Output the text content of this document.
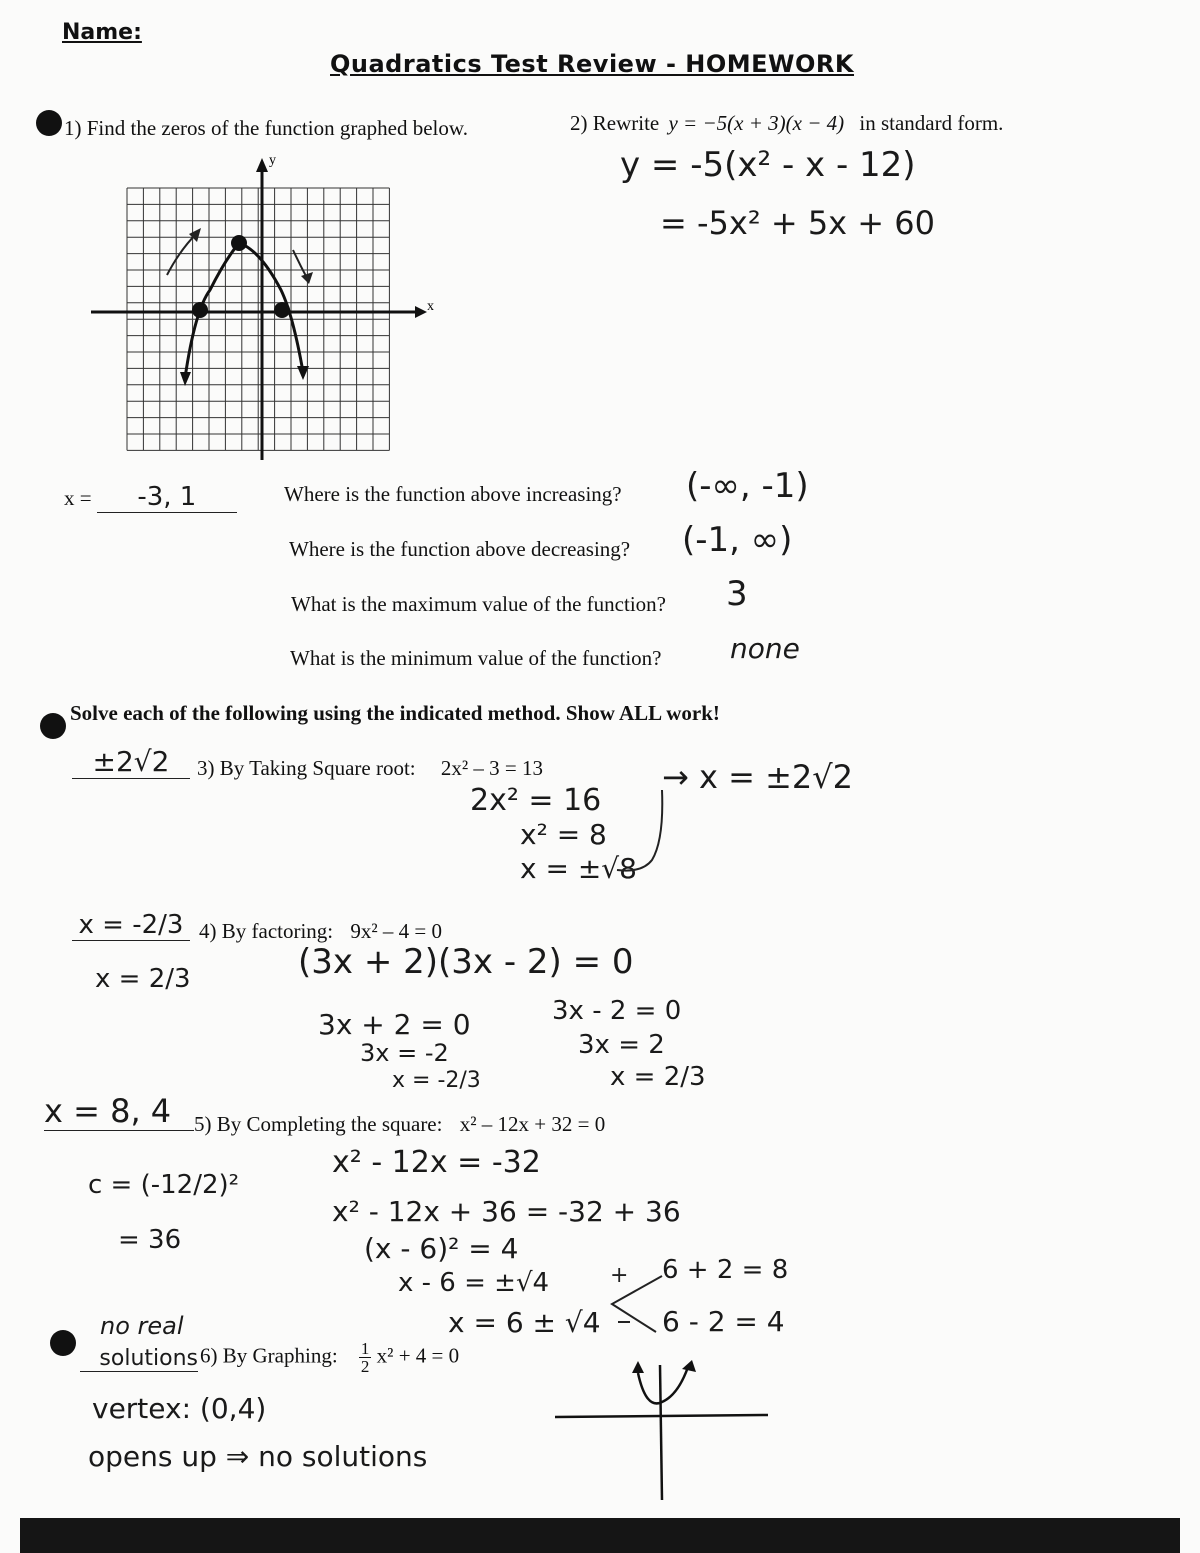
Name:
Quadratics Test Review - HOMEWORK
1) Find the zeros of the function graphed below.
x
y
x = -3, 1	Where is the function above increasing? (-∞, -1)
Where is the function above decreasing? (-1, ∞)
What is the maximum value of the function? 3
What is the minimum value of the function? none
2) Rewrite y = −5(x + 3)(x − 4) in standard form.
y = -5(x² - x - 12)
= -5x² + 5x + 60
Solve each of the following using the indicated method. Show ALL work!
±2√2	3) By Taking Square root: 2x² – 3 = 13
2x² = 16
x² = 8
x = ±√8
→ x = ±2√2
x = -2/3
x = 2/3
4) By factoring: 9x² – 4 = 0
(3x + 2)(3x - 2) = 0
3x + 2 = 0
3x = -2
x = -2/3
3x - 2 = 0
3x = 2
x = 2/3
x = 8, 4	5) By Completing the square: x² – 12x + 32 = 0
c = (-12/2)²
= 36
x² - 12x = -32
x² - 12x + 36 = -32 + 36
(x - 6)² = 4
x - 6 = ±√4
x = 6 ± √4
+ 6 + 2 = 8
6 - 2 = 4
no real
solutions 6) By Graphing: $\frac{1}{2} x^2 + 4 = 0$
vertex: (0,4)
opens up ⇒ no solutions
